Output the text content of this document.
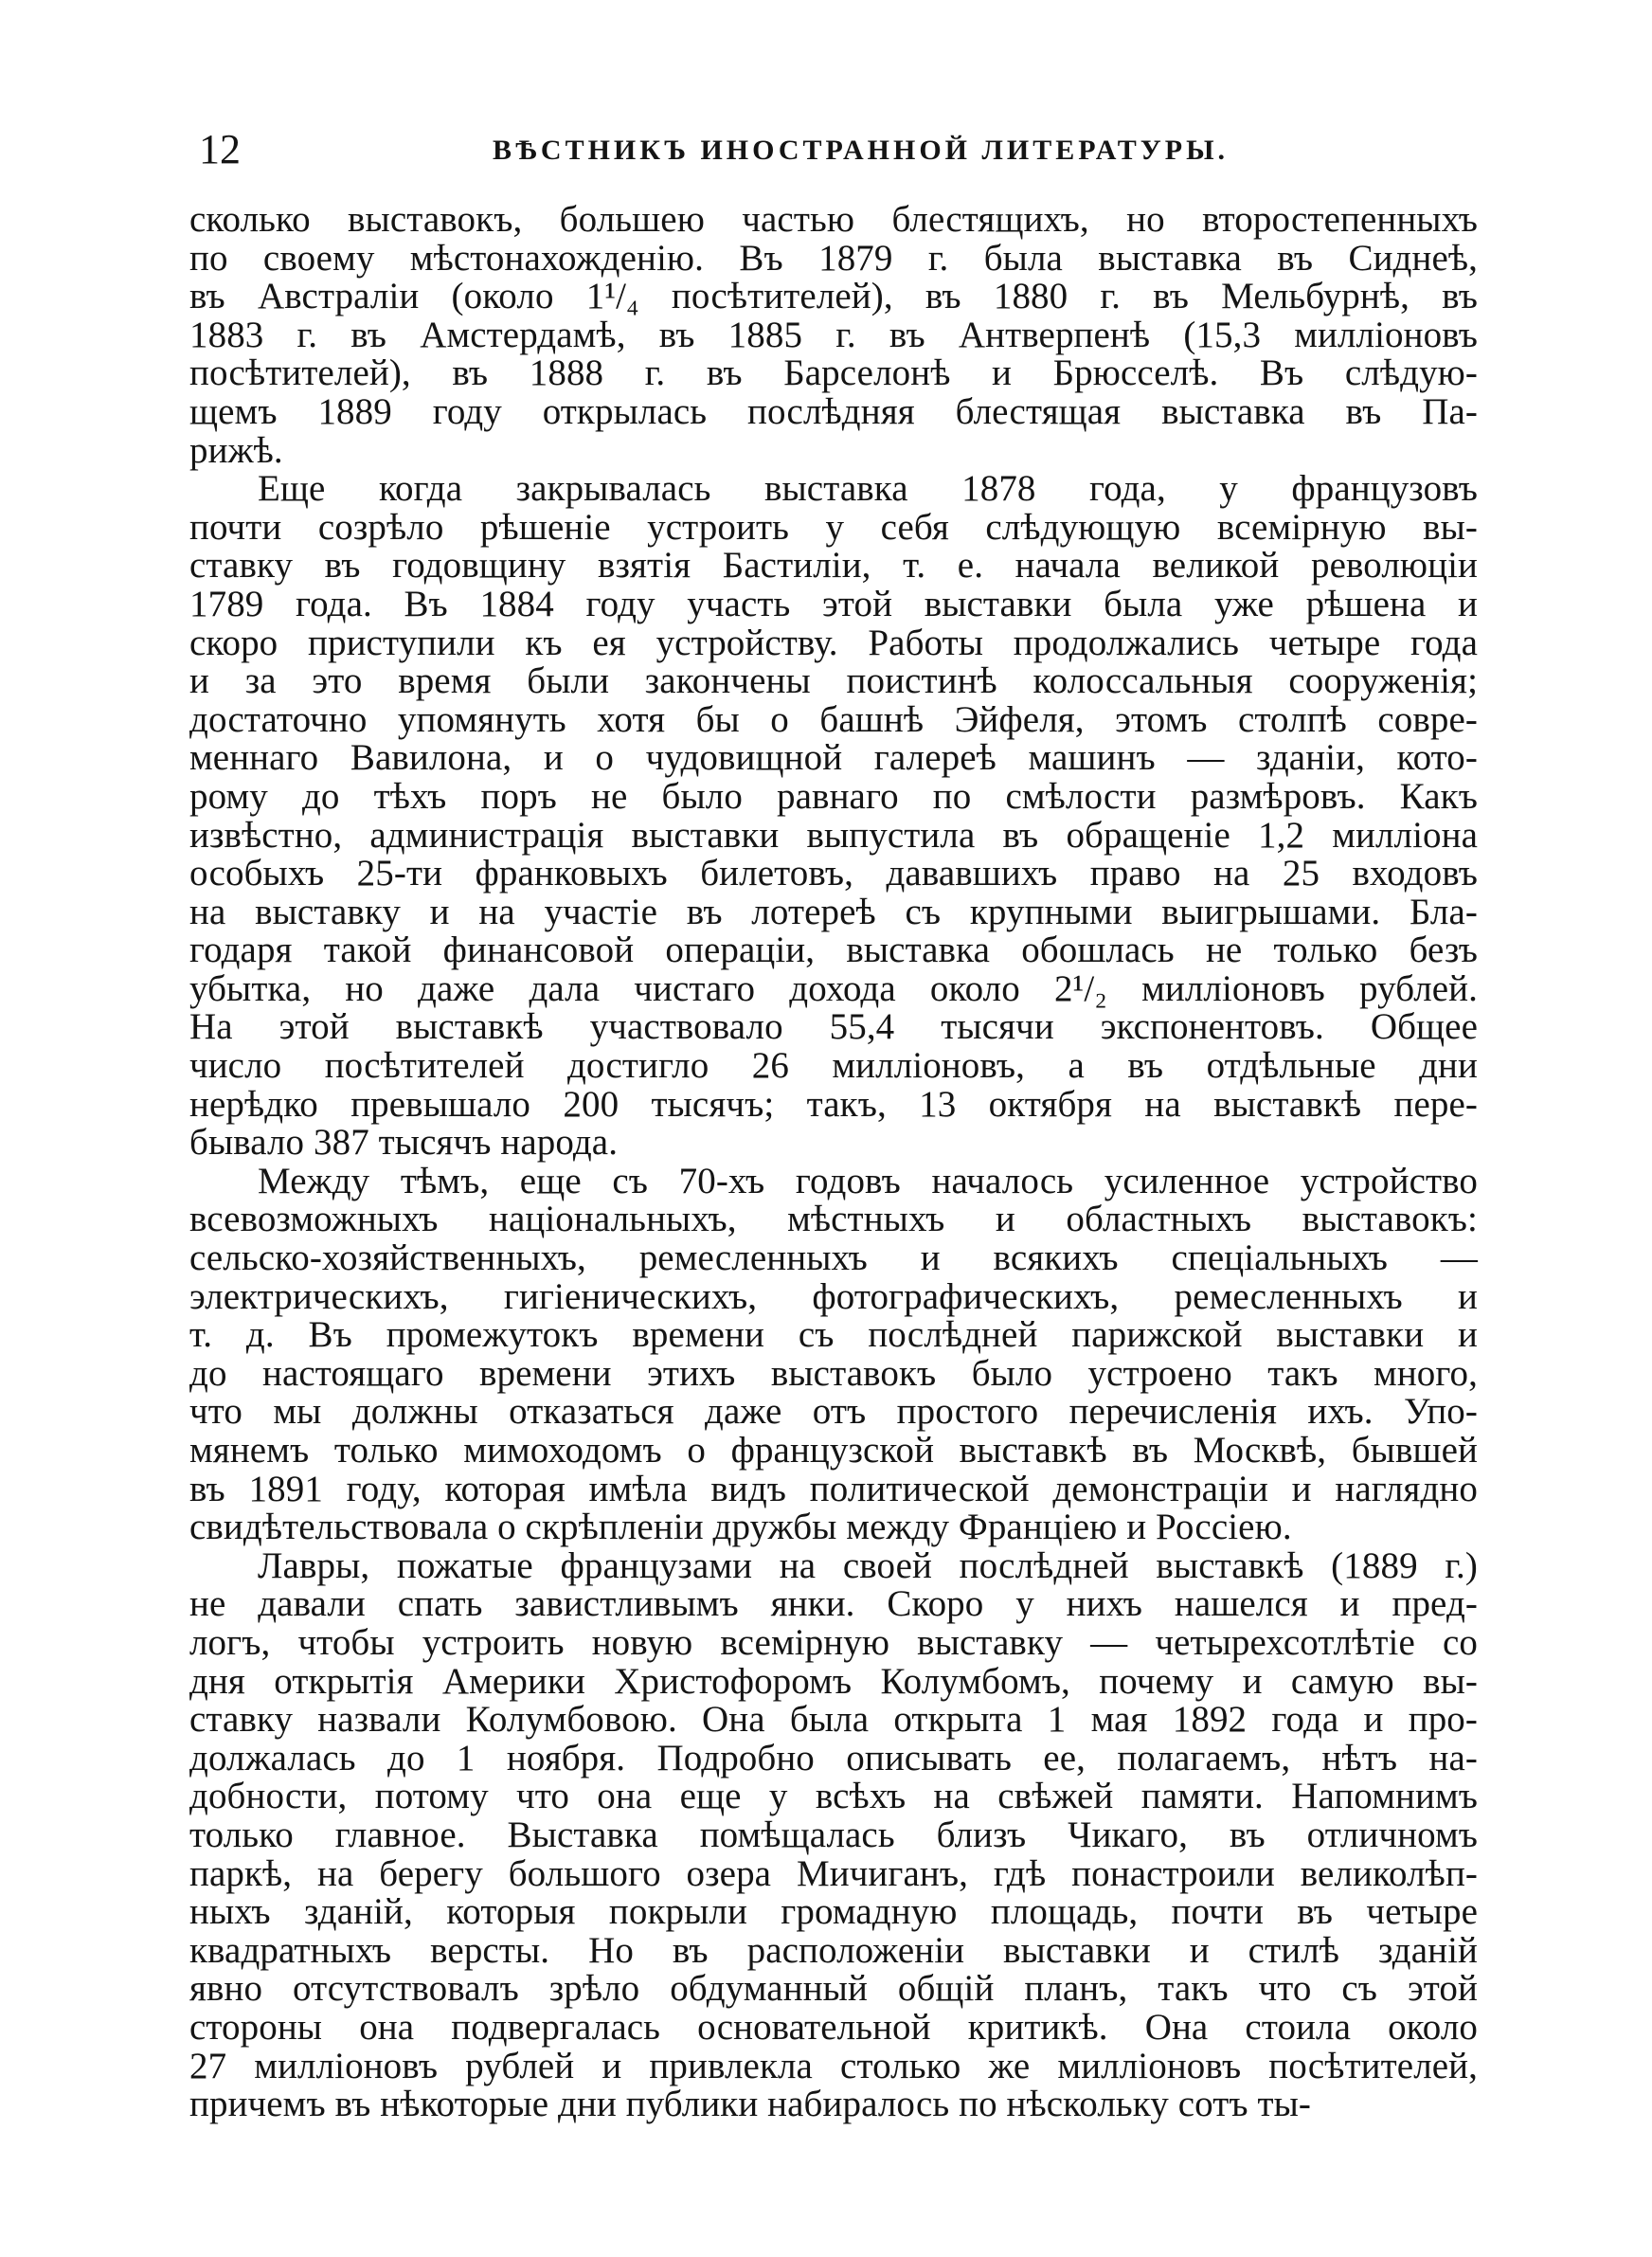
12	ВѢСТНИКЪ ИНОСТРАННОЙ ЛИТЕРАТУРЫ.
сколько выставокъ, большею частью блестящихъ, но второстепенныхъ
по своему мѣстонахожденію. Въ 1879 г. была выставка въ Сиднеѣ,
въ Австраліи (около 1¹/₄ посѣтителей), въ 1880 г. въ Мельбурнѣ, въ
1883 г. въ Амстердамѣ, въ 1885 г. въ Антверпенѣ (15,3 милліоновъ
посѣтителей), въ 1888 г. въ Барселонѣ и Брюсселѣ. Въ слѣдую-
щемъ 1889 году открылась послѣдняя блестящая выставка въ Па-
рижѣ.
Еще когда закрывалась выставка 1878 года, у французовъ
почти созрѣло рѣшеніе устроить у себя слѣдующую всемірную вы-
ставку въ годовщину взятія Бастиліи, т. е. начала великой революціи
1789 года. Въ 1884 году участь этой выставки была уже рѣшена и
скоро приступили къ ея устройству. Работы продолжались четыре года
и за это время были закончены поистинѣ колоссальныя сооруженія;
достаточно упомянуть хотя бы о башнѣ Эйфеля, этомъ столпѣ совре-
меннаго Вавилона, и о чудовищной галереѣ машинъ — зданіи, кото-
рому до тѣхъ поръ не было равнаго по смѣлости размѣровъ. Какъ
извѣстно, администрація выставки выпустила въ обращеніе 1,2 милліона
особыхъ 25-ти франковыхъ билетовъ, дававшихъ право на 25 входовъ
на выставку и на участіе въ лотереѣ съ крупными выигрышами. Бла-
годаря такой финансовой операціи, выставка обошлась не только безъ
убытка, но даже дала чистаго дохода около 2¹/₂ милліоновъ рублей.
На этой выставкѣ участвовало 55,4 тысячи экспонентовъ. Общее
число посѣтителей достигло 26 милліоновъ, а въ отдѣльные дни
нерѣдко превышало 200 тысячъ; такъ, 13 октября на выставкѣ пере-
бывало 387 тысячъ народа.
Между тѣмъ, еще съ 70-хъ годовъ началось усиленное устройство
всевозможныхъ національныхъ, мѣстныхъ и областныхъ выставокъ:
сельско-хозяйственныхъ, ремесленныхъ и всякихъ спеціальныхъ —
электрическихъ, гигіеническихъ, фотографическихъ, ремесленныхъ и
т. д. Въ промежутокъ времени съ послѣдней парижской выставки и
до настоящаго времени этихъ выставокъ было устроено такъ много,
что мы должны отказаться даже отъ простого перечисленія ихъ. Упо-
мянемъ только мимоходомъ о французской выставкѣ въ Москвѣ, бывшей
въ 1891 году, которая имѣла видъ политической демонстраціи и наглядно
свидѣтельствовала о скрѣпленіи дружбы между Франціею и Россіею.
Лавры, пожатые французами на своей послѣдней выставкѣ (1889 г.)
не давали спать завистливымъ янки. Скоро у нихъ нашелся и пред-
логъ, чтобы устроить новую всемірную выставку — четырехсотлѣтіе со
дня открытія Америки Христофоромъ Колумбомъ, почему и самую вы-
ставку назвали Колумбовою. Она была открыта 1 мая 1892 года и про-
должалась до 1 ноября. Подробно описывать ее, полагаемъ, нѣтъ на-
добности, потому что она еще у всѣхъ на свѣжей памяти. Напомнимъ
только главное. Выставка помѣщалась близъ Чикаго, въ отличномъ
паркѣ, на берегу большого озера Мичиганъ, гдѣ понастроили великолѣп-
ныхъ зданій, которыя покрыли громадную площадь, почти въ четыре
квадратныхъ версты. Но въ расположеніи выставки и стилѣ зданій
явно отсутствовалъ зрѣло обдуманный общій планъ, такъ что съ этой
стороны она подвергалась основательной критикѣ. Она стоила около
27 милліоновъ рублей и привлекла столько же милліоновъ посѣтителей,
причемъ въ нѣкоторые дни публики набиралось по нѣскольку сотъ ты-
